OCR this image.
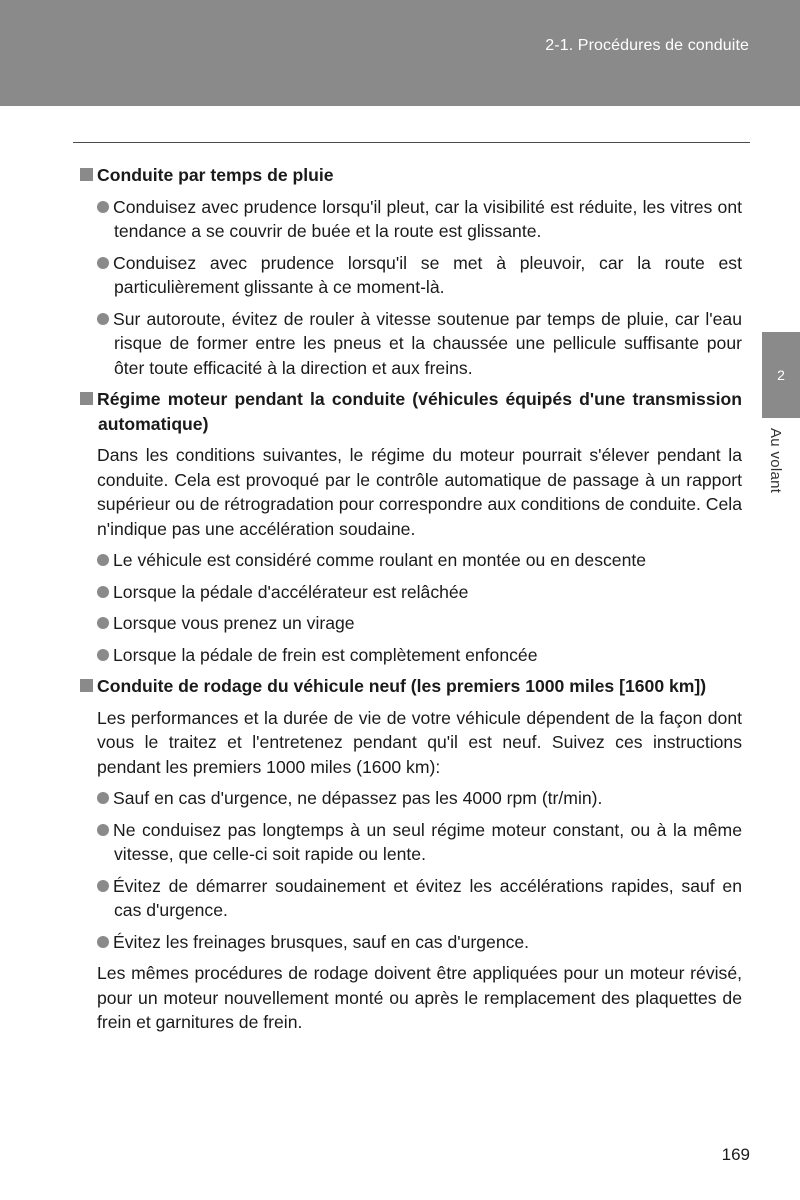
2-1. Procédures de conduite
2
Au volant
Conduite par temps de pluie
Conduisez avec prudence lorsqu'il pleut, car la visibilité est réduite, les vitres ont tendance a se couvrir de buée et la route est glissante.
Conduisez avec prudence lorsqu'il se met à pleuvoir, car la route est particulièrement glissante à ce moment-là.
Sur autoroute, évitez de rouler à vitesse soutenue par temps de pluie, car l'eau risque de former entre les pneus et la chaussée une pellicule suffisante pour ôter toute efficacité à la direction et aux freins.
Régime moteur pendant la conduite (véhicules équipés d'une transmission automatique)
Dans les conditions suivantes, le régime du moteur pourrait s'élever pendant la conduite. Cela est provoqué par le contrôle automatique de passage à un rapport supérieur ou de rétrogradation pour correspondre aux conditions de conduite. Cela n'indique pas une accélération soudaine.
Le véhicule est considéré comme roulant en montée ou en descente
Lorsque la pédale d'accélérateur est relâchée
Lorsque vous prenez un virage
Lorsque la pédale de frein est complètement enfoncée
Conduite de rodage du véhicule neuf (les premiers 1000 miles [1600 km])
Les performances et la durée de vie de votre véhicule dépendent de la façon dont vous le traitez et l'entretenez pendant qu'il est neuf. Suivez ces instructions pendant les premiers 1000 miles (1600 km):
Sauf en cas d'urgence, ne dépassez pas les 4000 rpm (tr/min).
Ne conduisez pas longtemps à un seul régime moteur constant, ou à la même vitesse, que celle-ci soit rapide ou lente.
Évitez de démarrer soudainement et évitez les accélérations rapides, sauf en cas d'urgence.
Évitez les freinages brusques, sauf en cas d'urgence.
Les mêmes procédures de rodage doivent être appliquées pour un moteur révisé, pour un moteur nouvellement monté ou après le remplacement des plaquettes de frein et garnitures de frein.
169
